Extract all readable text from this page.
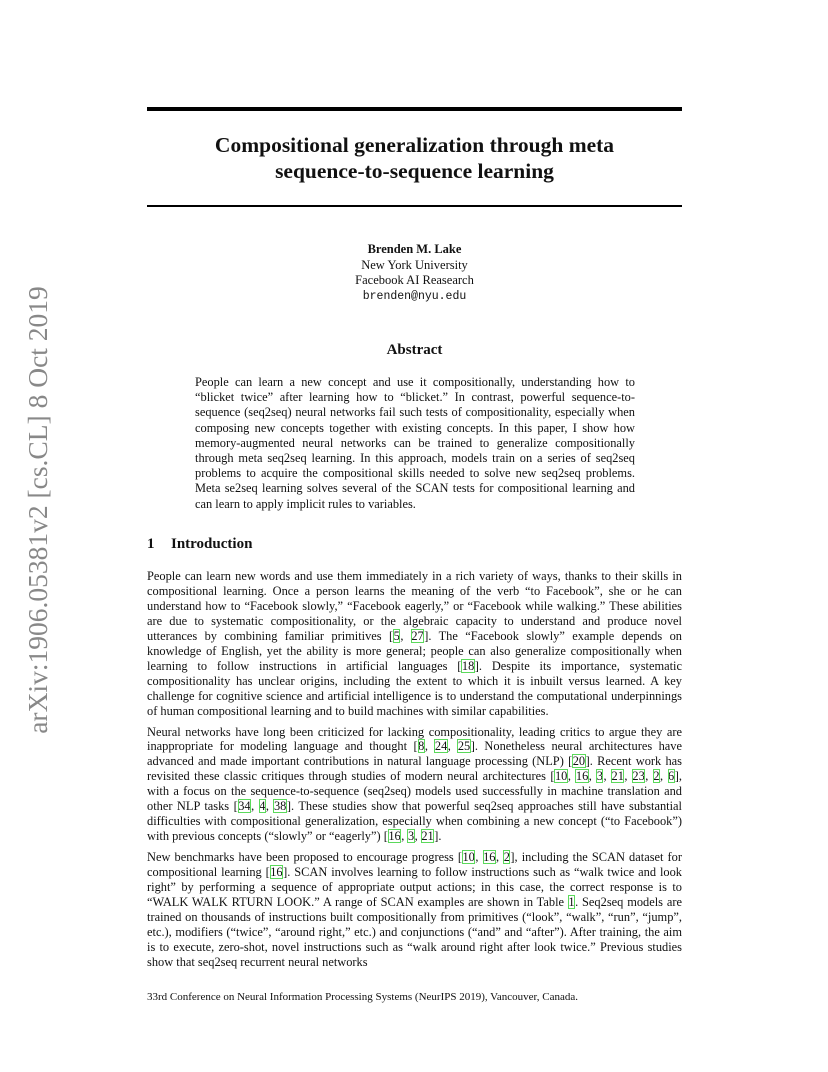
arXiv:1906.05381v2 [cs.CL] 8 Oct 2019
Compositional generalization through meta
sequence-to-sequence learning
Brenden M. Lake
New York University
Facebook AI Reasearch
brenden@nyu.edu
Abstract
People can learn a new concept and use it compositionally, understanding how to “blicket twice” after learning how to “blicket.” In contrast, powerful sequence-to-sequence (seq2seq) neural networks fail such tests of compositionality, especially when composing new concepts together with existing concepts. In this paper, I show how memory-augmented neural networks can be trained to generalize compositionally through meta seq2seq learning. In this approach, models train on a series of seq2seq problems to acquire the compositional skills needed to solve new seq2seq problems. Meta se2seq learning solves several of the SCAN tests for compositional learning and can learn to apply implicit rules to variables.
1 Introduction

People can learn new words and use them immediately in a rich variety of ways, thanks to their skills in compositional learning. Once a person learns the meaning of the verb “to Facebook”, she or he can understand how to “Facebook slowly,” “Facebook eagerly,” or “Facebook while walking.” These abilities are due to systematic compositionality, or the algebraic capacity to understand and produce novel utterances by combining familiar primitives [5, 27]. The “Facebook slowly” example depends on knowledge of English, yet the ability is more general; people can also generalize compositionally when learning to follow instructions in artificial languages [18]. Despite its importance, systematic compositionality has unclear origins, including the extent to which it is inbuilt versus learned. A key challenge for cognitive science and artificial intelligence is to understand the computational underpinnings of human compositional learning and to build machines with similar capabilities.

Neural networks have long been criticized for lacking compositionality, leading critics to argue they are inappropriate for modeling language and thought [8, 24, 25]. Nonetheless neural architectures have advanced and made important contributions in natural language processing (NLP) [20]. Recent work has revisited these classic critiques through studies of modern neural architectures [10, 16, 3, 21, 23, 2, 6], with a focus on the sequence-to-sequence (seq2seq) models used successfully in machine translation and other NLP tasks [34, 4, 38]. These studies show that powerful seq2seq approaches still have substantial difficulties with compositional generalization, especially when combining a new concept (“to Facebook”) with previous concepts (“slowly” or “eagerly”) [16, 3, 21].

New benchmarks have been proposed to encourage progress [10, 16, 2], including the SCAN dataset for compositional learning [16]. SCAN involves learning to follow instructions such as “walk twice and look right” by performing a sequence of appropriate output actions; in this case, the correct response is to “WALK WALK RTURN LOOK.” A range of SCAN examples are shown in Table 1. Seq2seq models are trained on thousands of instructions built compositionally from primitives (“look”, “walk”, “run”, “jump”, etc.), modifiers (“twice”, “around right,” etc.) and conjunctions (“and” and “after”). After training, the aim is to execute, zero-shot, novel instructions such as “walk around right after look twice.” Previous studies show that seq2seq recurrent neural networks

33rd Conference on Neural Information Processing Systems (NeurIPS 2019), Vancouver, Canada.
